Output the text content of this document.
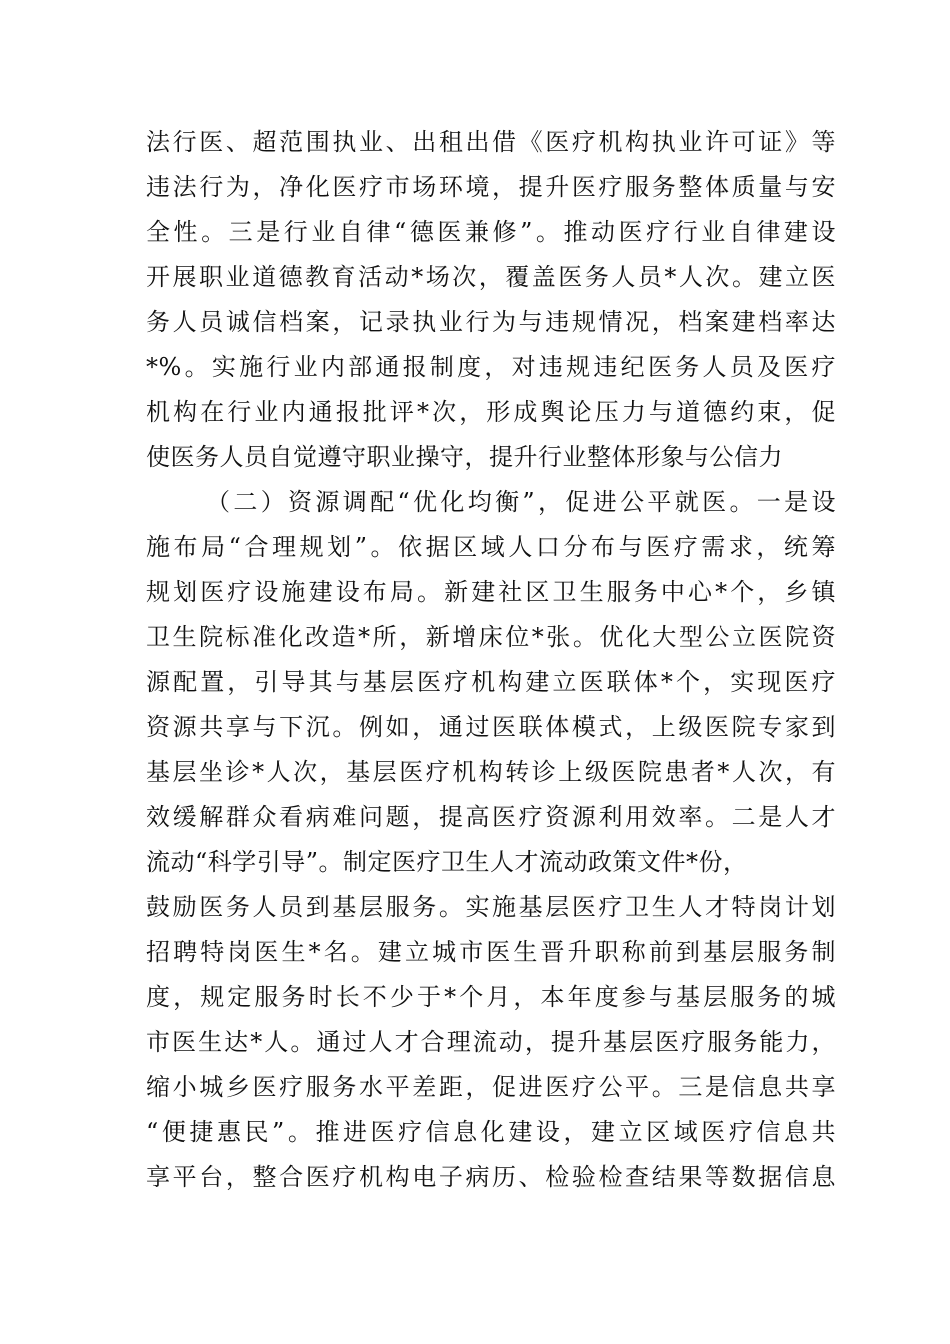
法行医、超范围执业、出租出借《医疗机构执业许可证》等
违法行为，净化医疗市场环境，提升医疗服务整体质量与安
全性。三是行业自律“德医兼修”。推动医疗行业自律建设
开展职业道德教育活动*场次，覆盖医务人员*人次。建立医
务人员诚信档案，记录执业行为与违规情况，档案建档率达
*%。实施行业内部通报制度，对违规违纪医务人员及医疗
机构在行业内通报批评*次，形成舆论压力与道德约束，促
使医务人员自觉遵守职业操守，提升行业整体形象与公信力
（二）资源调配“优化均衡”，促进公平就医。一是设
施布局“合理规划”。依据区域人口分布与医疗需求，统筹
规划医疗设施建设布局。新建社区卫生服务中心*个，乡镇
卫生院标准化改造*所，新增床位*张。优化大型公立医院资
源配置，引导其与基层医疗机构建立医联体*个，实现医疗
资源共享与下沉。例如，通过医联体模式，上级医院专家到
基层坐诊*人次，基层医疗机构转诊上级医院患者*人次，有
效缓解群众看病难问题，提高医疗资源利用效率。二是人才
流动“科学引导”。制定医疗卫生人才流动政策文件*份，
鼓励医务人员到基层服务。实施基层医疗卫生人才特岗计划
招聘特岗医生*名。建立城市医生晋升职称前到基层服务制
度，规定服务时长不少于*个月，本年度参与基层服务的城
市医生达*人。通过人才合理流动，提升基层医疗服务能力，
缩小城乡医疗服务水平差距，促进医疗公平。三是信息共享
“便捷惠民”。推进医疗信息化建设，建立区域医疗信息共
享平台，整合医疗机构电子病历、检验检查结果等数据信息
